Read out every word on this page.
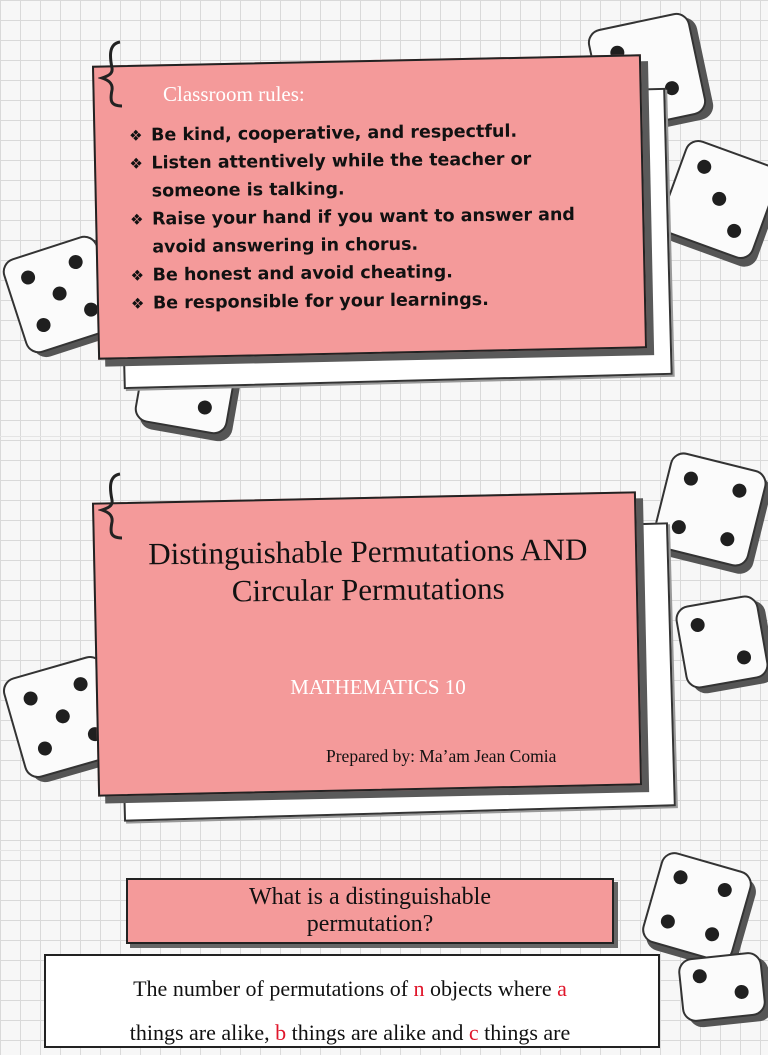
Classroom rules:
❖ Be kind, cooperative, and respectful.
❖ Listen attentively while the teacher or
someone is talking.
❖ Raise your hand if you want to answer and
avoid answering in chorus.
❖ Be honest and avoid cheating.
❖ Be responsible for your learnings.
Distinguishable Permutations AND
Circular Permutations
MATHEMATICS 10
Prepared by: Ma’am Jean Comia
What is a distinguishable
permutation?
The number of permutations of n objects where a
things are alike, b things are alike and c things are
